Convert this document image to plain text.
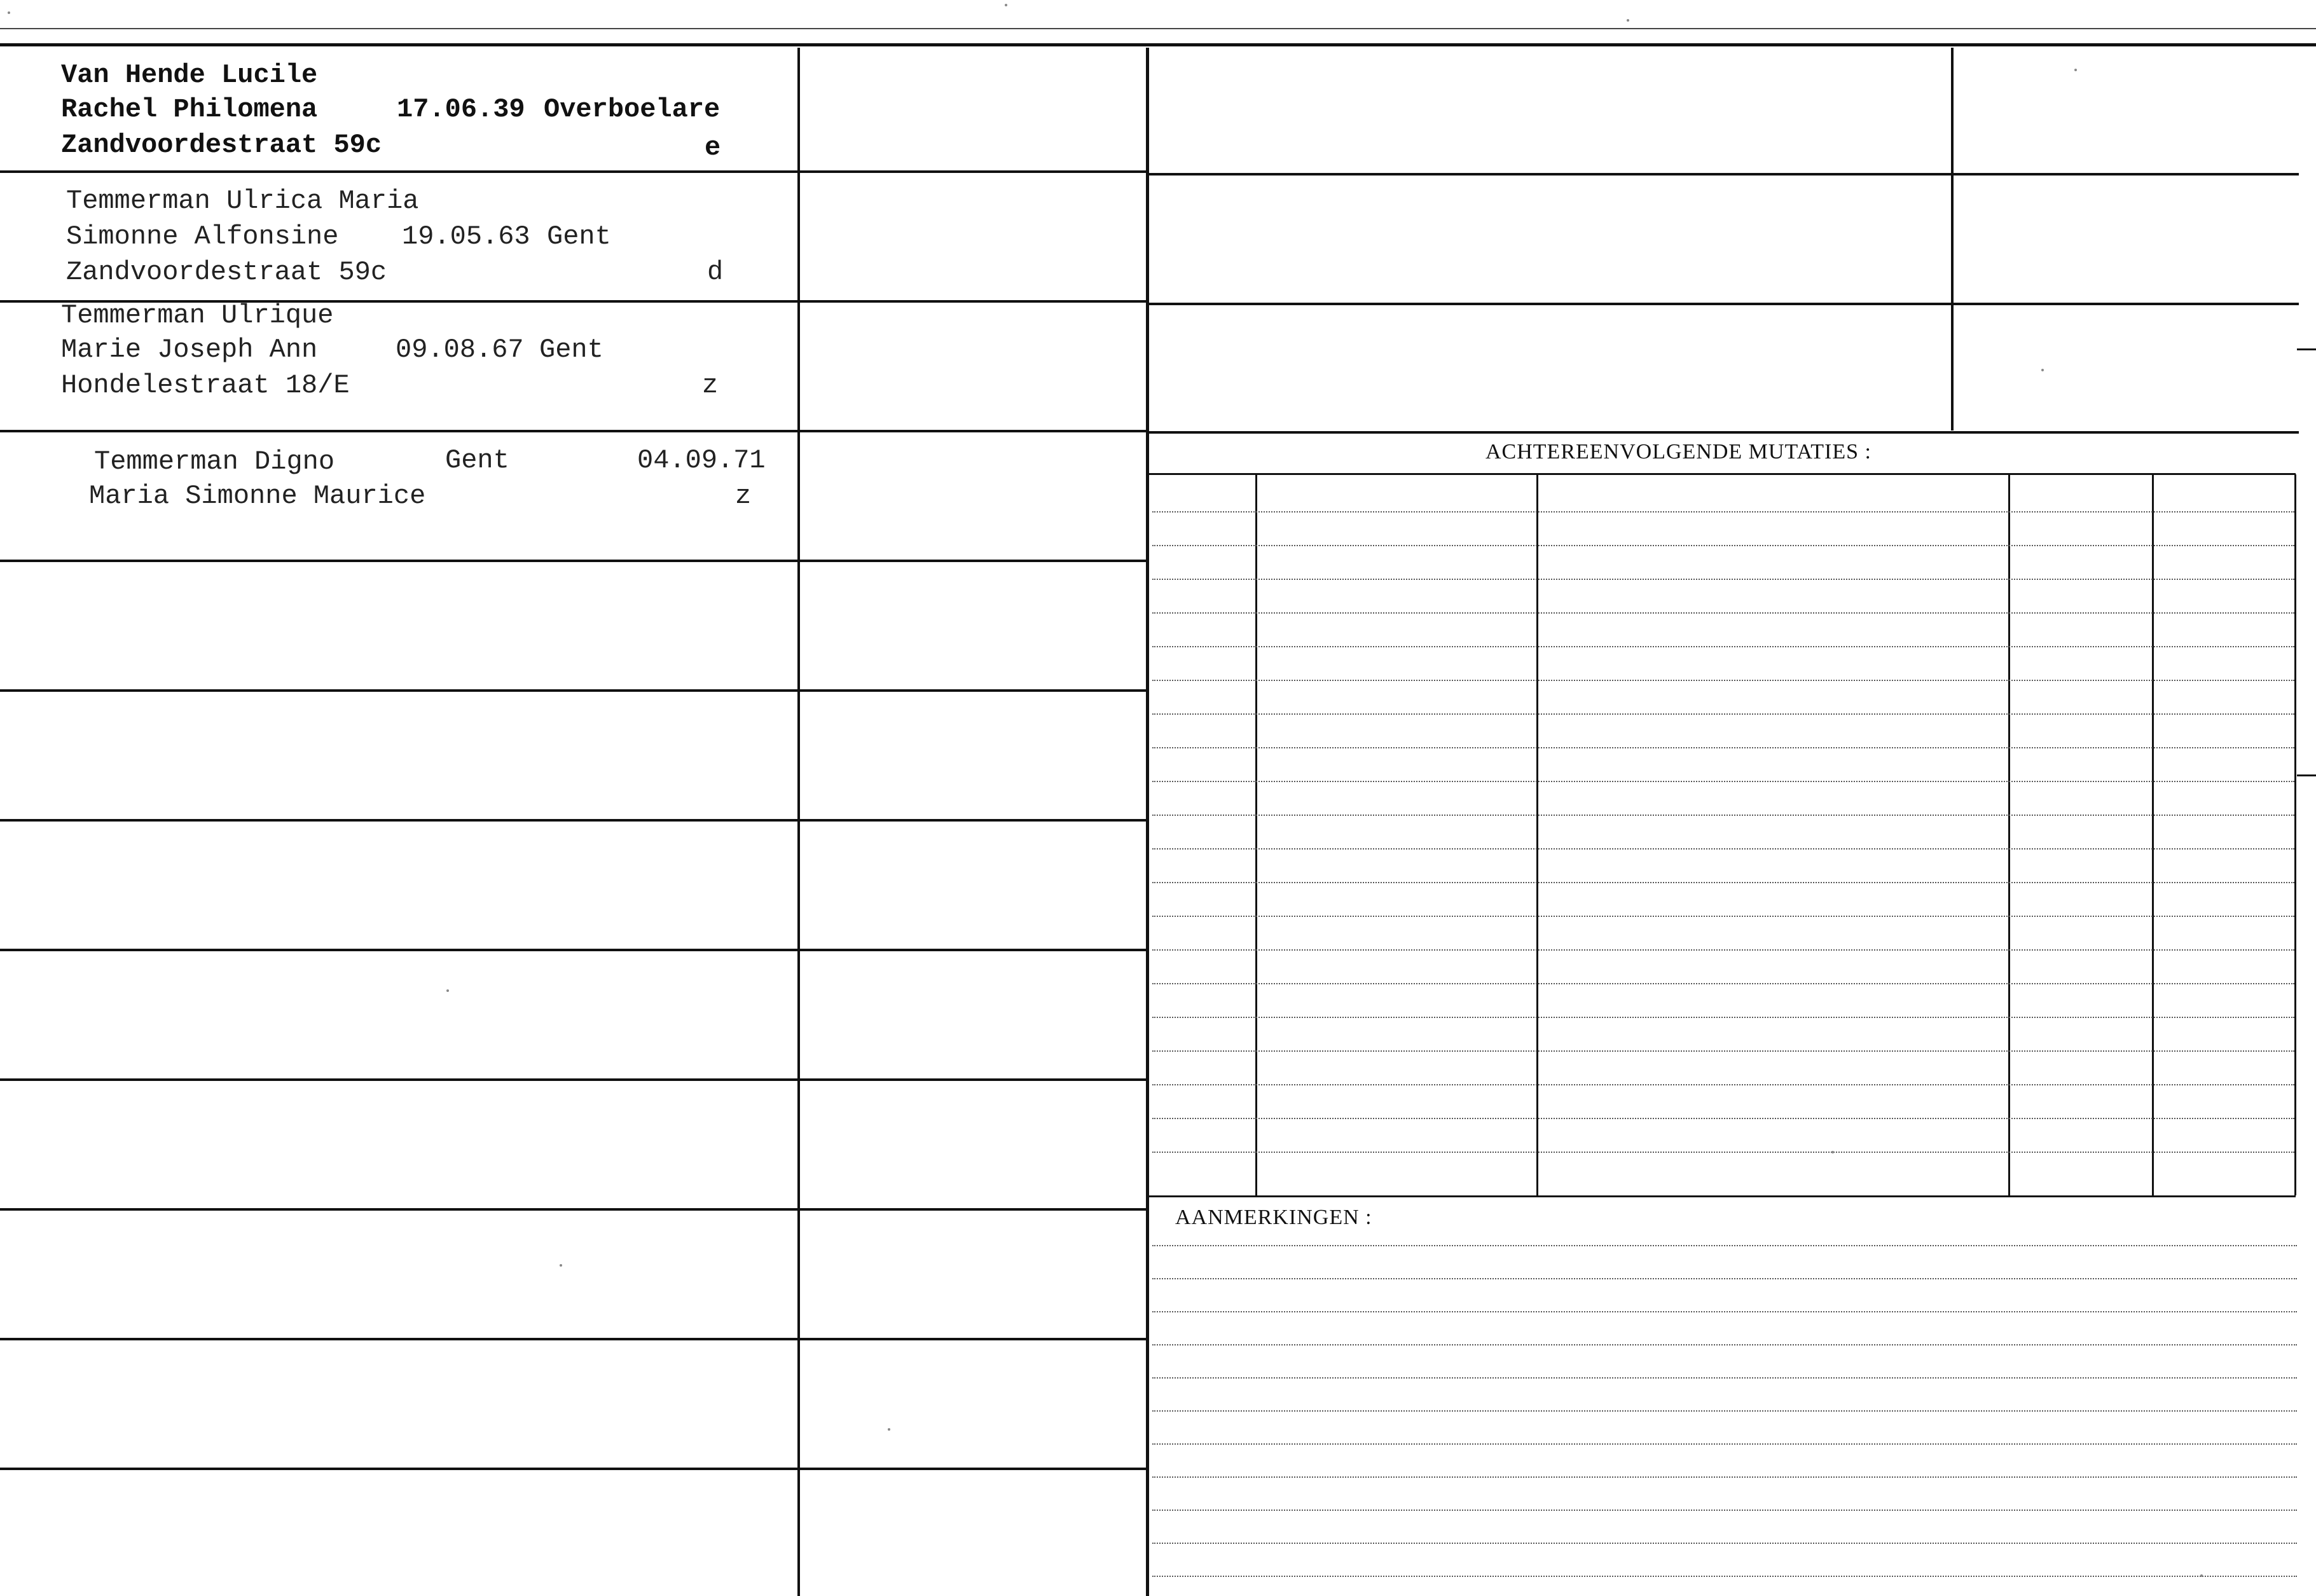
ACHTEREENVOLGENDE MUTATIES :
AANMERKINGEN :
Van Hende Lucile
Rachel Philomena	17.06.39 Overboelare
Zandvoordestraat 59c	e
Temmerman Ulrica Maria
Simonne Alfonsine 19.05.63 Gent
Zandvoordestraat 59c	d
Temmerman Ulrique
Marie Joseph Ann	09.08.67 Gent
Hondelestraat 18/E	z
Temmerman Digno	Gent	04.09.71
Maria Simonne Maurice	z
